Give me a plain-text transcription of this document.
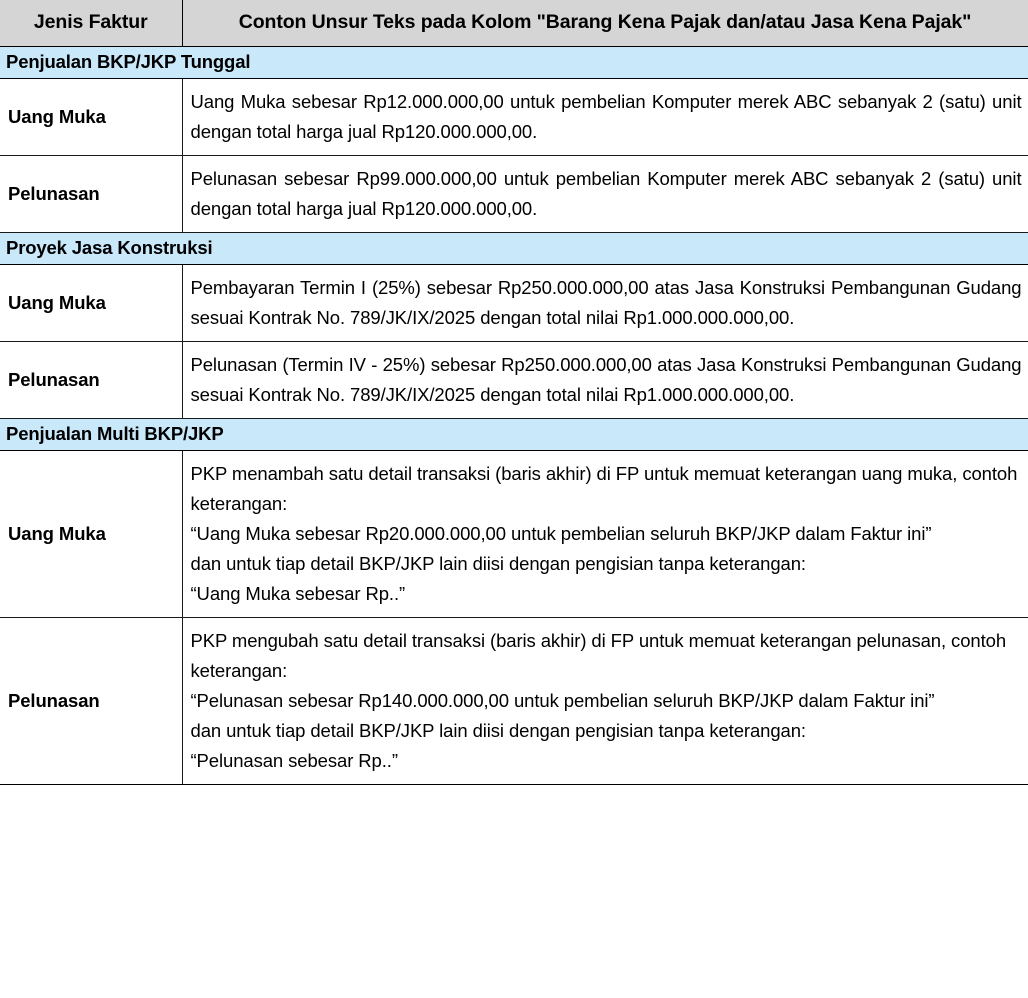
Jenis Faktur	Conton Unsur Teks pada Kolom "Barang Kena Pajak dan/atau Jasa Kena Pajak"
Penjualan BKP/JKP Tunggal	
Uang Muka	Uang Muka sebesar Rp12.000.000,00 untuk pembelian Komputer merek ABC sebanyak 2 (satu) unit dengan total harga jual Rp120.000.000,00.

Pelunasan	Pelunasan sebesar Rp99.000.000,00 untuk pembelian Komputer merek ABC sebanyak 2 (satu) unit dengan total harga jual Rp120.000.000,00.

Proyek Jasa Konstruksi	
Uang Muka	Pembayaran Termin I (25%) sebesar Rp250.000.000,00 atas Jasa Konstruksi Pembangunan Gudang sesuai Kontrak No. 789/JK/IX/2025 dengan total nilai Rp1.000.000.000,00.

Pelunasan	Pelunasan (Termin IV - 25%) sebesar Rp250.000.000,00 atas Jasa Konstruksi Pembangunan Gudang sesuai Kontrak No. 789/JK/IX/2025 dengan total nilai Rp1.000.000.000,00.

Penjualan Multi BKP/JKP	
Uang Muka	PKP menambah satu detail transaksi (baris akhir) di FP untuk memuat keterangan uang muka, contoh keterangan:

“Uang Muka sebesar Rp20.000.000,00 untuk pembelian seluruh BKP/JKP dalam Faktur ini”

dan untuk tiap detail BKP/JKP lain diisi dengan pengisian tanpa keterangan:

“Uang Muka sebesar Rp..”

Pelunasan	PKP mengubah satu detail transaksi (baris akhir) di FP untuk memuat keterangan pelunasan, contoh keterangan:

“Pelunasan sebesar Rp140.000.000,00 untuk pembelian seluruh BKP/JKP dalam Faktur ini”

dan untuk tiap detail BKP/JKP lain diisi dengan pengisian tanpa keterangan:

“Pelunasan sebesar Rp..”
